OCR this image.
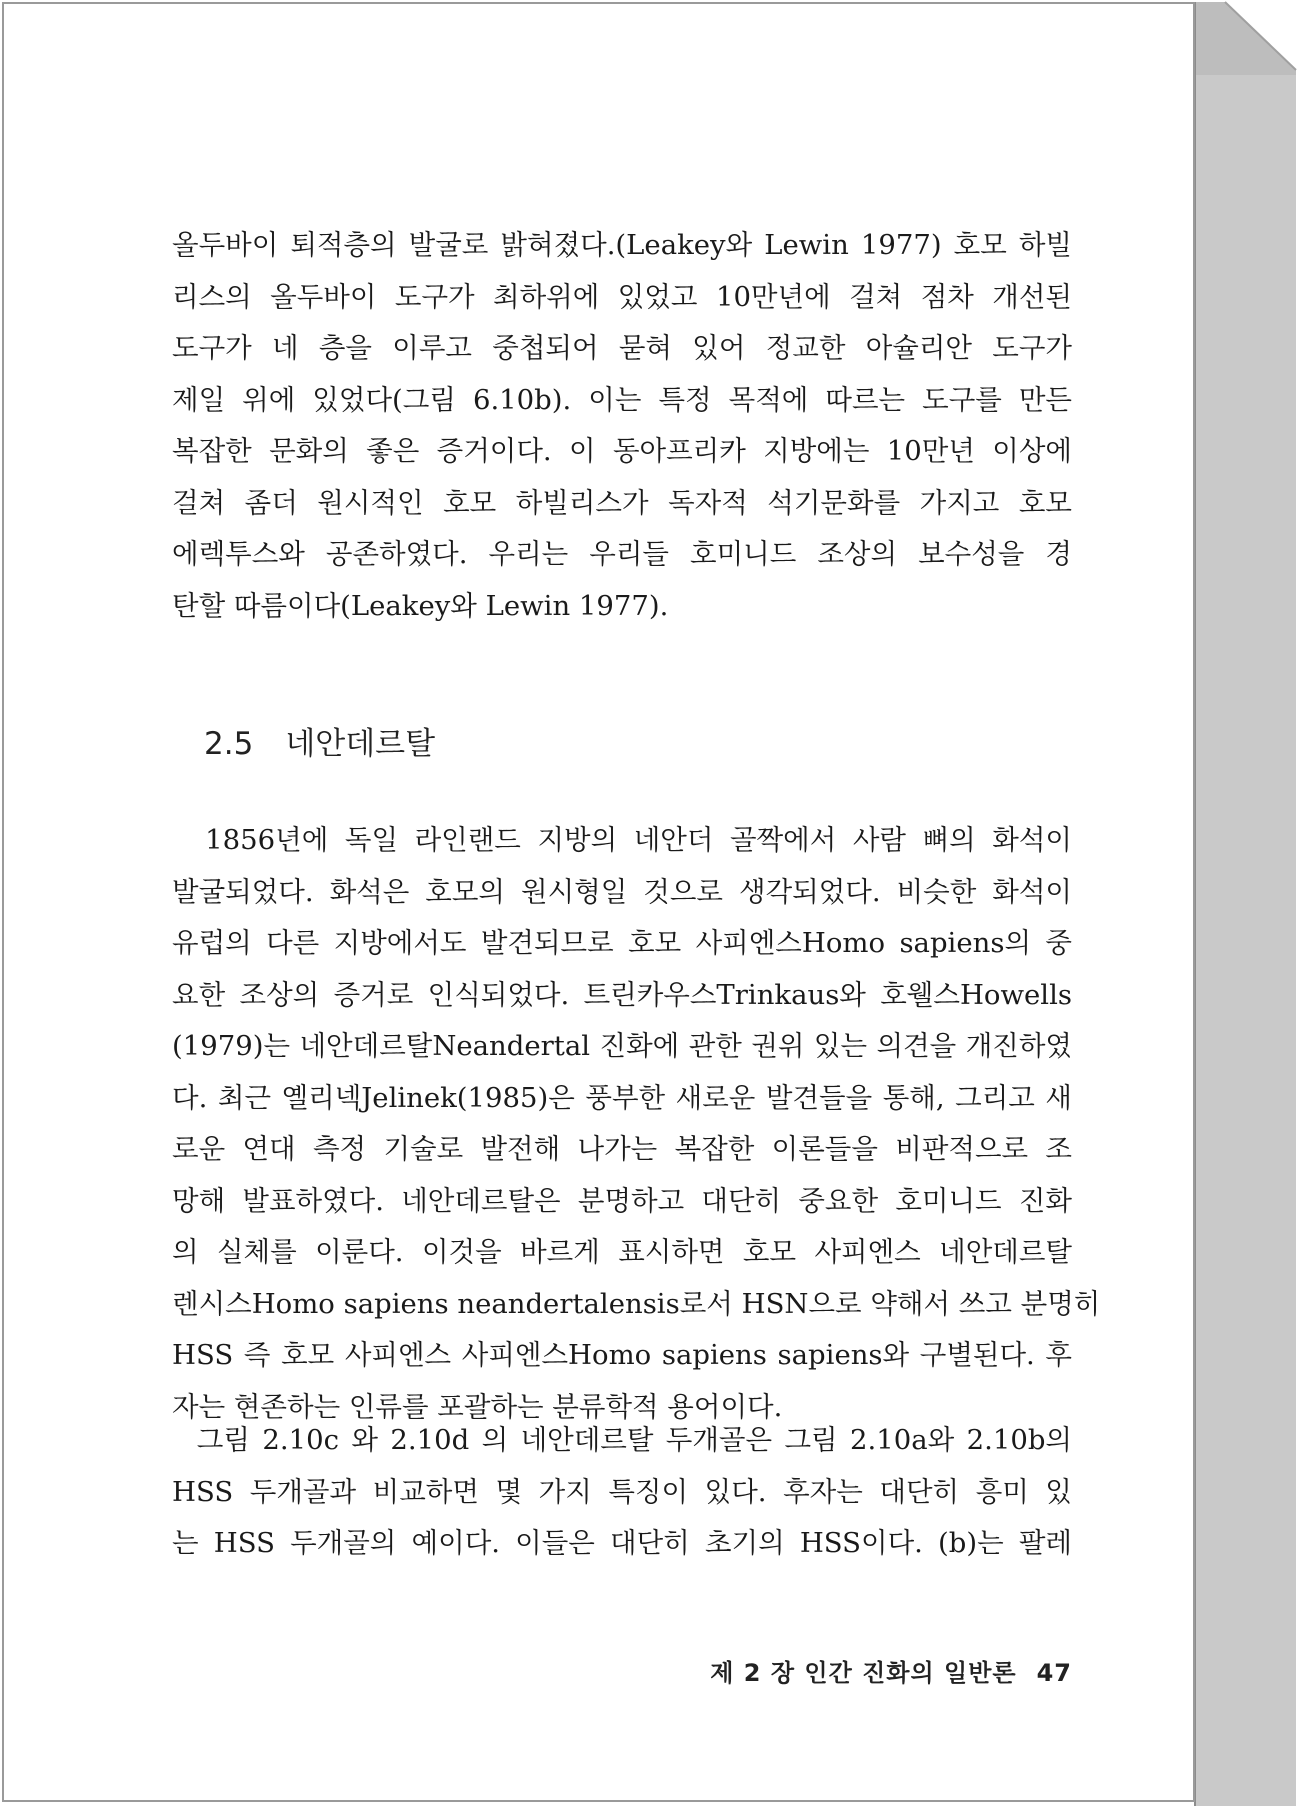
올두바이 퇴적층의 발굴로 밝혀졌다.(Leakey와 Lewin 1977) 호모 하빌
리스의 올두바이 도구가 최하위에 있었고 10만년에 걸쳐 점차 개선된
도구가 네 층을 이루고 중첩되어 묻혀 있어 정교한 아슐리안 도구가
제일 위에 있었다(그림 6.10b). 이는 특정 목적에 따르는 도구를 만든
복잡한 문화의 좋은 증거이다. 이 동아프리카 지방에는 10만년 이상에
걸쳐 좀더 원시적인 호모 하빌리스가 독자적 석기문화를 가지고 호모
에렉투스와 공존하였다. 우리는 우리들 호미니드 조상의 보수성을 경
탄할 따름이다(Leakey와 Lewin 1977).
2.5 네안데르탈
1856년에 독일 라인랜드 지방의 네안더 골짝에서 사람 뼈의 화석이
발굴되었다. 화석은 호모의 원시형일 것으로 생각되었다. 비슷한 화석이
유럽의 다른 지방에서도 발견되므로 호모 사피엔스Homo sapiens의 중
요한 조상의 증거로 인식되었다. 트린카우스Trinkaus와 호웰스Howells
(1979)는 네안데르탈Neandertal 진화에 관한 권위 있는 의견을 개진하였
다. 최근 옐리넥Jelinek(1985)은 풍부한 새로운 발견들을 통해, 그리고 새
로운 연대 측정 기술로 발전해 나가는 복잡한 이론들을 비판적으로 조
망해 발표하였다. 네안데르탈은 분명하고 대단히 중요한 호미니드 진화
의 실체를 이룬다. 이것을 바르게 표시하면 호모 사피엔스 네안데르탈
렌시스Homo sapiens neandertalensis로서 HSN으로 약해서 쓰고 분명히
HSS 즉 호모 사피엔스 사피엔스Homo sapiens sapiens와 구별된다. 후
자는 현존하는 인류를 포괄하는 분류학적 용어이다.
그림 2.10c 와 2.10d 의 네안데르탈 두개골은 그림 2.10a와 2.10b의
HSS 두개골과 비교하면 몇 가지 특징이 있다. 후자는 대단히 흥미 있
는 HSS 두개골의 예이다. 이들은 대단히 초기의 HSS이다. (b)는 팔레
제 2 장 인간 진화의 일반론 47
